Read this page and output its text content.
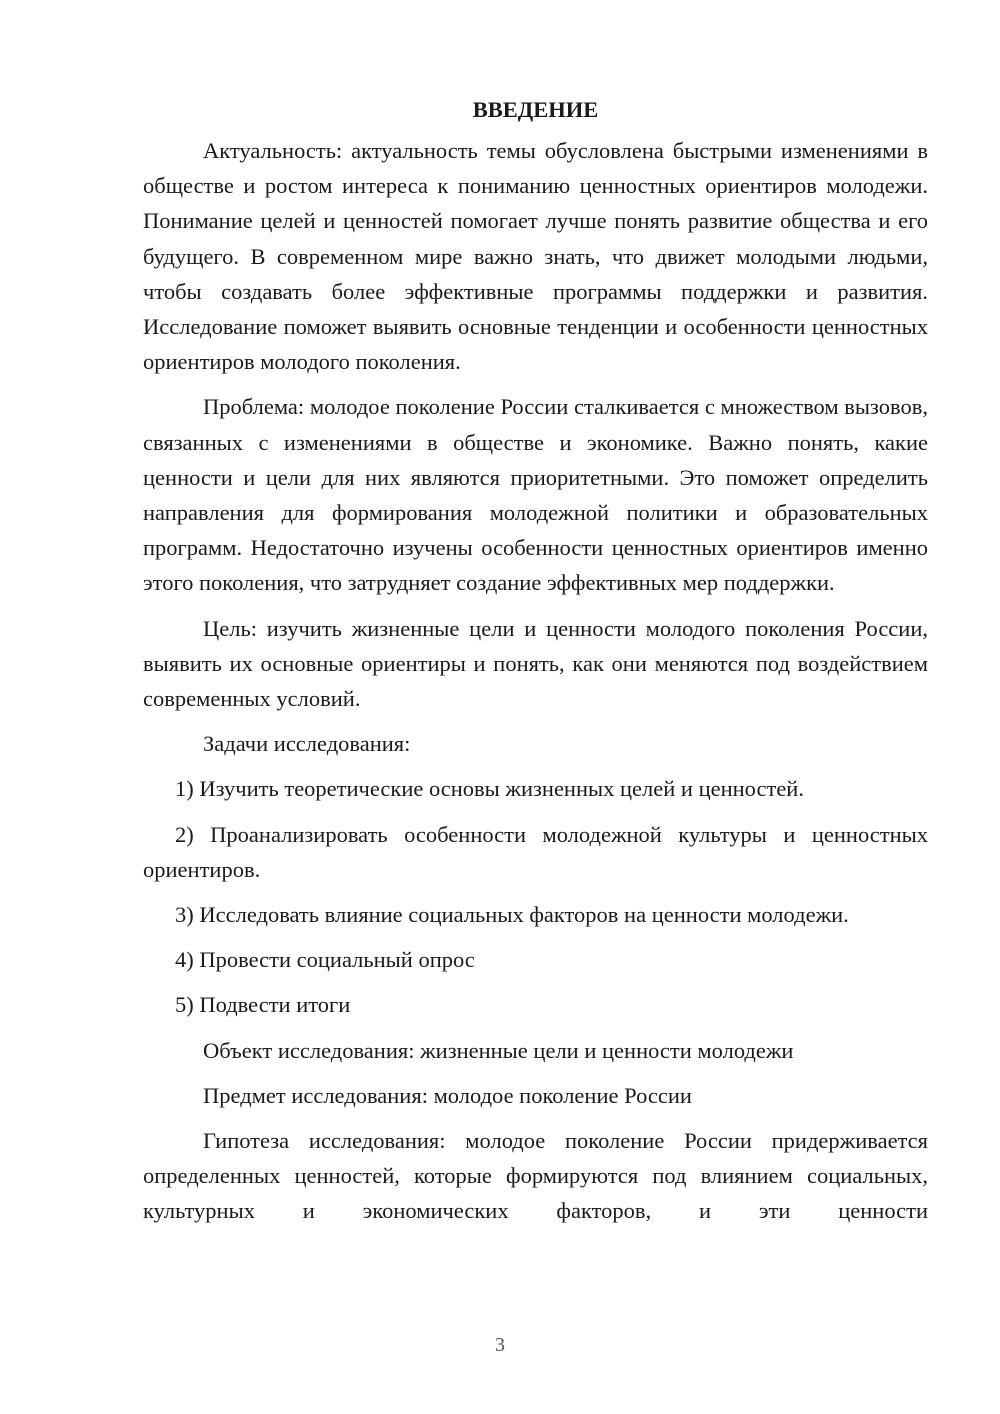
ВВЕДЕНИЕ

Актуальность: актуальность темы обусловлена быстрыми изменениями в обществе и ростом интереса к пониманию ценностных ориентиров молодежи. Понимание целей и ценностей помогает лучше понять развитие общества и его будущего. В современном мире важно знать, что движет молодыми людьми, чтобы создавать более эффективные программы поддержки и развития. Исследование поможет выявить основные тенденции и особенности ценностных ориентиров молодого поколения.

Проблема: молодое поколение России сталкивается с множеством вызовов, связанных с изменениями в обществе и экономике. Важно понять, какие ценности и цели для них являются приоритетными. Это поможет определить направления для формирования молодежной политики и образовательных программ. Недостаточно изучены особенности ценностных ориентиров именно этого поколения, что затрудняет создание эффективных мер поддержки.

Цель: изучить жизненные цели и ценности молодого поколения России, выявить их основные ориентиры и понять, как они меняются под воздействием современных условий.

Задачи исследования:

1) Изучить теоретические основы жизненных целей и ценностей.

2) Проанализировать особенности молодежной культуры и ценностных ориентиров.

3) Исследовать влияние социальных факторов на ценности молодежи.

4) Провести социальный опрос

5) Подвести итоги

Объект исследования: жизненные цели и ценности молодежи

Предмет исследования: молодое поколение России

Гипотеза исследования: молодое поколение России придерживается определенных ценностей, которые формируются под влиянием социальных, культурных и экономических факторов, и эти ценности

3
